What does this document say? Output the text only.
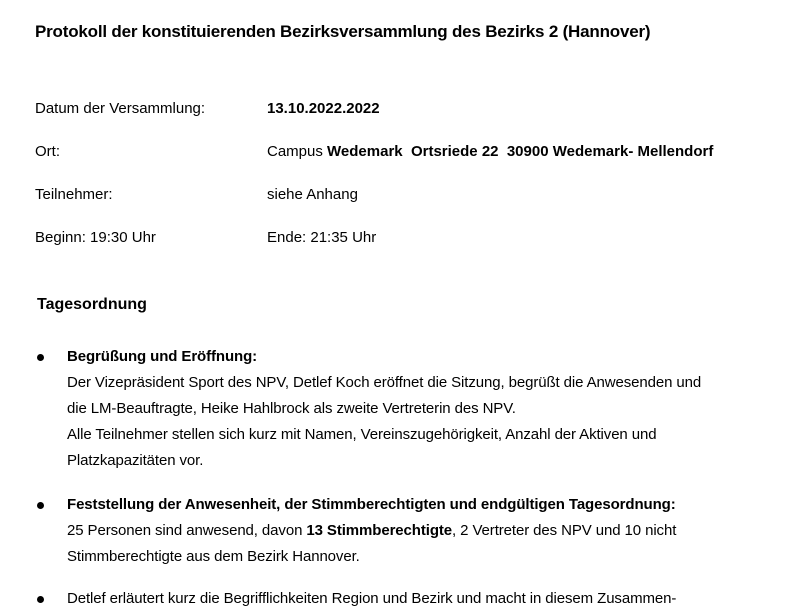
Protokoll der konstituierenden Bezirksversammlung des Bezirks 2 (Hannover)
Datum der Versammlung:	13.10.2022.2022
Ort:	Campus Wedemark  Ortsriede 22  30900 Wedemark- Mellendorf
Teilnehmer:	siehe Anhang
Beginn: 19:30 Uhr	Ende: 21:35 Uhr
Tagesordnung
Begrüßung und Eröffnung:
Der Vizepräsident Sport des NPV, Detlef Koch eröffnet die Sitzung, begrüßt die Anwesenden und
die LM-Beauftragte, Heike Hahlbrock als zweite Vertreterin des NPV.
Alle Teilnehmer stellen sich kurz mit Namen, Vereinszugehörigkeit, Anzahl der Aktiven und
Platzkapazitäten vor.
Feststellung der Anwesenheit, der Stimmberechtigten und endgültigen Tagesordnung:
25 Personen sind anwesend, davon 13 Stimmberechtigte, 2 Vertreter des NPV und 10 nicht
Stimmberechtigte aus dem Bezirk Hannover.
Detlef erläutert kurz die Begrifflichkeiten Region und Bezirk und macht in diesem Zusammen-
